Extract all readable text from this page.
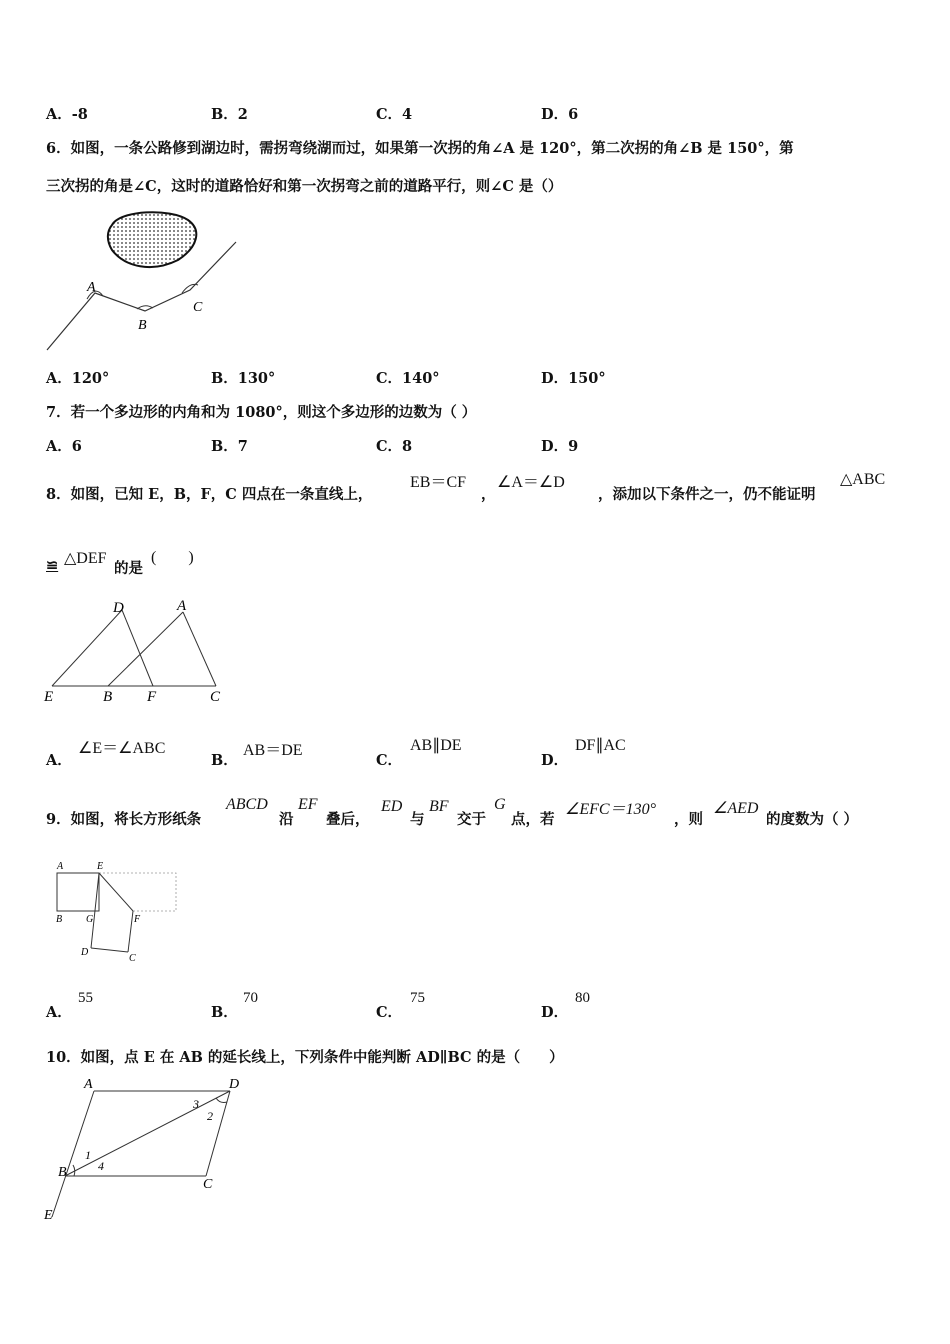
A．-8	B．2	C．4	D．6
6．如图，一条公路修到湖边时，需拐弯绕湖而过，如果第一次拐的角∠A 是 120°，第二次拐的角∠B 是 150°，第
三次拐的角是∠C，这时的道路恰好和第一次拐弯之前的道路平行，则∠C 是（）
A
B
C
A．120°	B．130°	C．140°	D．150°
7．若一个多边形的内角和为 1080°，则这个多边形的边数为（ ）
A．6	B．7	C．8	D．9
8．如图，已知 E，B，F，C 四点在一条直线上，
EB＝CF
，
∠A＝∠D
，添加以下条件之一，仍不能证明
△ABC
≌ △DEF
的是
(　　)
D	A
E	B F	C
A．
∠E＝∠ABC
B．
AB＝DE
C．
AB∥DE
D．
DF∥AC
9．如图，将长方形纸条
ABCD
沿
EF
叠后，
ED
与
BF
交于
G
点，若
∠EFC＝130°
，则
∠AED
的度数为（ ）
A	E
B G	F
D
C
A．
55
B．
70
C．
75
D．
80
10．如图，点 E 在 AB 的延长线上，下列条件中能判断 AD∥BC 的是（　　）
A	D
B
C
E
1
2
3
4
